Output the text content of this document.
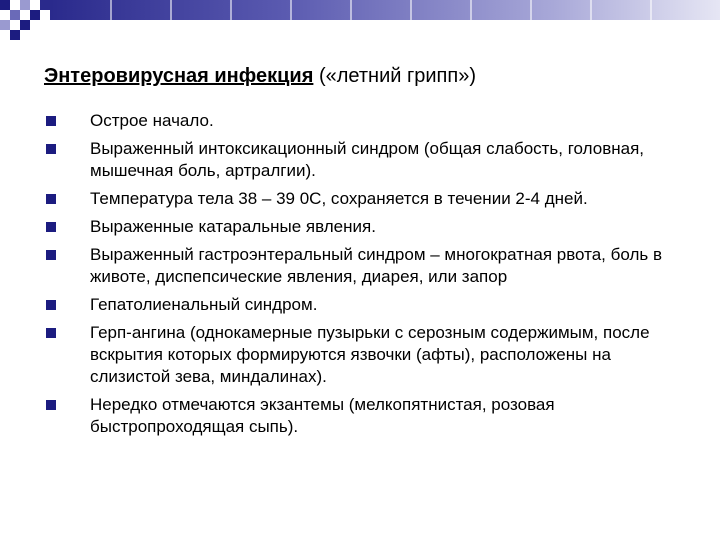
Энтеровирусная инфекция («летний грипп»)
Острое начало.
Выраженный интоксикационный синдром (общая слабость, головная, мышечная боль, артралгии).
Температура тела 38 – 39 0С, сохраняется в течении 2-4 дней.
Выраженные катаральные явления.
Выраженный гастроэнтеральный синдром – многократная рвота, боль в животе, диспепсические явления, диарея, или запор
Гепатолиенальный синдром.
Герп-ангина (однокамерные пузырьки с серозным содержимым, после вскрытия которых формируются язвочки (афты), расположены на слизистой зева, миндалинах).
Нередко отмечаются экзантемы (мелкопятнистая, розовая быстропроходящая сыпь).
